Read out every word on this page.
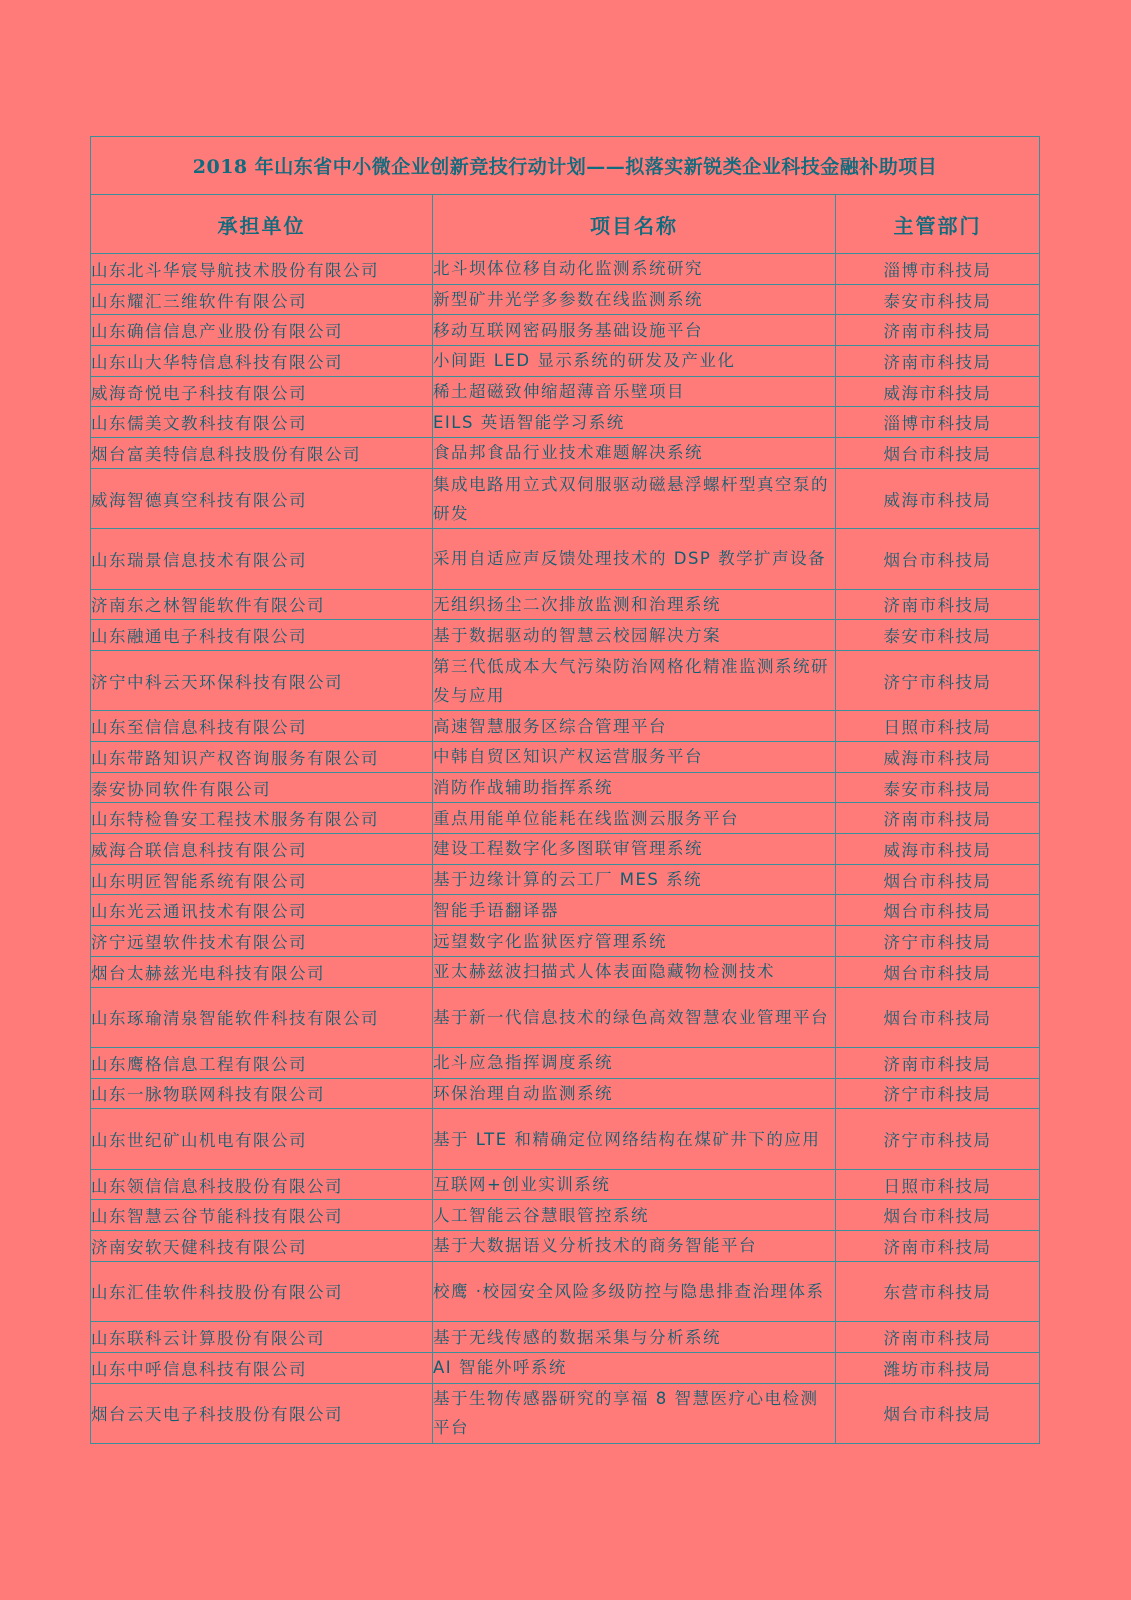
2018 年山东省中小微企业创新竞技行动计划——拟落实新锐类企业科技金融补助项目		
承担单位	项目名称	主管部门
山东北斗华宸导航技术股份有限公司	北斗坝体位移自动化监测系统研究	淄博市科技局
山东耀汇三维软件有限公司	新型矿井光学多参数在线监测系统	泰安市科技局
山东确信信息产业股份有限公司	移动互联网密码服务基础设施平台	济南市科技局
山东山大华特信息科技有限公司	小间距 LED 显示系统的研发及产业化	济南市科技局
威海奇悦电子科技有限公司	稀土超磁致伸缩超薄音乐壁项目	威海市科技局
山东儒美文教科技有限公司	EILS 英语智能学习系统	淄博市科技局
烟台富美特信息科技股份有限公司	食品邦食品行业技术难题解决系统	烟台市科技局
威海智德真空科技有限公司	集成电路用立式双伺服驱动磁悬浮螺杆型真空泵的研发	威海市科技局
山东瑞景信息技术有限公司	采用自适应声反馈处理技术的 DSP 教学扩声设备	烟台市科技局
济南东之林智能软件有限公司	无组织扬尘二次排放监测和治理系统	济南市科技局
山东融通电子科技有限公司	基于数据驱动的智慧云校园解决方案	泰安市科技局
济宁中科云天环保科技有限公司	第三代低成本大气污染防治网格化精准监测系统研发与应用	济宁市科技局
山东至信信息科技有限公司	高速智慧服务区综合管理平台	日照市科技局
山东带路知识产权咨询服务有限公司	中韩自贸区知识产权运营服务平台	威海市科技局
泰安协同软件有限公司	消防作战辅助指挥系统	泰安市科技局
山东特检鲁安工程技术服务有限公司	重点用能单位能耗在线监测云服务平台	济南市科技局
威海合联信息科技有限公司	建设工程数字化多图联审管理系统	威海市科技局
山东明匠智能系统有限公司	基于边缘计算的云工厂 MES 系统	烟台市科技局
山东光云通讯技术有限公司	智能手语翻译器	烟台市科技局
济宁远望软件技术有限公司	远望数字化监狱医疗管理系统	济宁市科技局
烟台太赫兹光电科技有限公司	亚太赫兹波扫描式人体表面隐藏物检测技术	烟台市科技局
山东琢瑜清泉智能软件科技有限公司	基于新一代信息技术的绿色高效智慧农业管理平台	烟台市科技局
山东鹰格信息工程有限公司	北斗应急指挥调度系统	济南市科技局
山东一脉物联网科技有限公司	环保治理自动监测系统	济宁市科技局
山东世纪矿山机电有限公司	基于 LTE 和精确定位网络结构在煤矿井下的应用	济宁市科技局
山东领信信息科技股份有限公司	互联网+创业实训系统	日照市科技局
山东智慧云谷节能科技有限公司	人工智能云谷慧眼管控系统	烟台市科技局
济南安软天健科技有限公司	基于大数据语义分析技术的商务智能平台	济南市科技局
山东汇佳软件科技股份有限公司	校鹰 ·校园安全风险多级防控与隐患排查治理体系	东营市科技局
山东联科云计算股份有限公司	基于无线传感的数据采集与分析系统	济南市科技局
山东中呼信息科技有限公司	AI 智能外呼系统	潍坊市科技局
烟台云天电子科技股份有限公司	基于生物传感器研究的享福 8 智慧医疗心电检测平台	烟台市科技局
